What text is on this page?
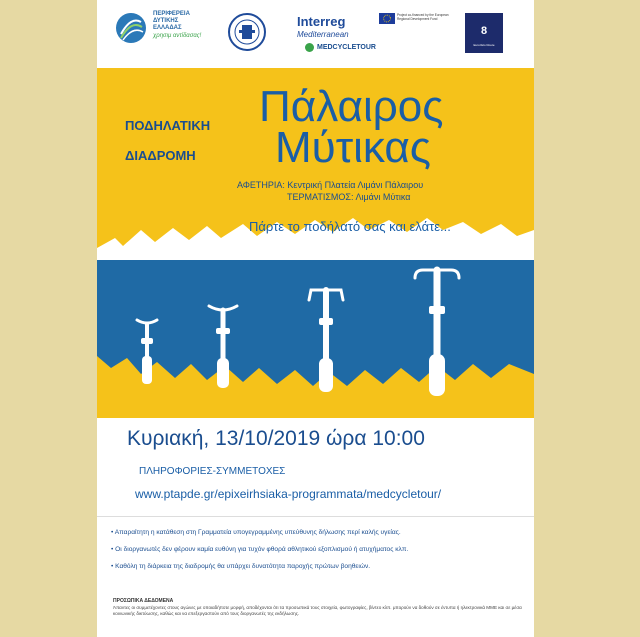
ΠΕΡΙΦΕΡΕΙΑ
ΔΥΤΙΚΗΣ
ΕΛΛΑΔΑΣ
χρησιμ αντίδασας!
Interreg
Mediterranean
Project co-financed by the European Regional Development Fund
MEDCYCLETOUR
8
EuroVelo Route
ΠΟΔΗΛΑΤΙΚΗ
ΔΙΑΔΡΟΜΗ
Πάλαιρος
Μύτικας
ΑΦΕΤΗΡΙΑ: Κεντρική Πλατεία Λιμάνι Πάλαιρου
ΤΕΡΜΑΤΙΣΜΟΣ: Λιμάνι Μύτικα
Πάρτε το ποδήλατό σας και ελάτε...
Κυριακή, 13/10/2019 ώρα 10:00
ΠΛΗΡΟΦΟΡΙΕΣ-ΣΥΜΜΕΤΟΧΕΣ
www.ptapde.gr/epixeirhsiaka-programmata/medcycletour/

• Απαραίτητη η κατάθεση στη Γραμματεία υπογεγραμμένης υπεύθυνης δήλωσης περί καλής υγείας.

• Οι διοργανωτές δεν φέρουν καμία ευθύνη για τυχόν φθορά αθλητικού εξοπλισμού ή ατυχήματος κλπ.

• Καθόλη τη διάρκεια της διαδρομής θα υπάρχει δυνατότητα παροχής πρώτων βοηθειών.

ΠΡΟΣΩΠΙΚΑ ΔΕΔΟΜΕΝΑ
Άπαντες οι συμμετέχοντες στους αγώνες με οποιαδήποτε μορφή, αποδέχονται ότι τα προσωπικά τους στοιχεία, φωτογραφίες, βίντεο κλπ. μπορούν να δοθούν σε έντυπα ή ηλεκτρονικά ΜΜΕ και σε μέσα κοινωνικής δικτύωσης, καθώς και να επεξεργαστούν από τους διοργανωτές της εκδήλωσης.
